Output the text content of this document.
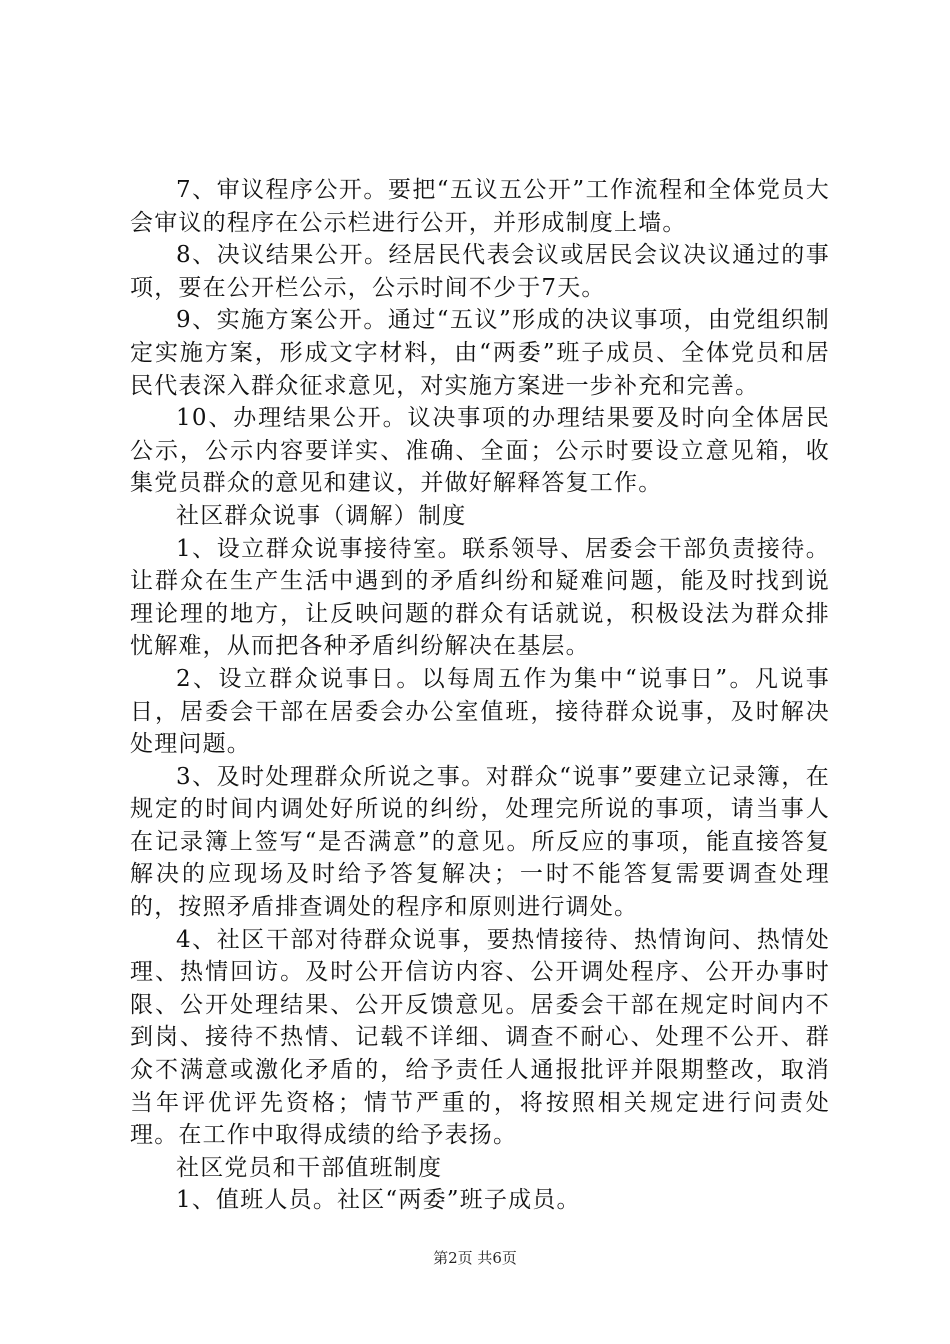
7、审议程序公开。要把“五议五公开”工作流程和全体党员大会审议的程序在公示栏进行公开，并形成制度上墙。

8、决议结果公开。经居民代表会议或居民会议决议通过的事项，要在公开栏公示，公示时间不少于7天。

9、实施方案公开。通过“五议”形成的决议事项，由党组织制定实施方案，形成文字材料，由“两委”班子成员、全体党员和居民代表深入群众征求意见，对实施方案进一步补充和完善。

10、办理结果公开。议决事项的办理结果要及时向全体居民公示，公示内容要详实、准确、全面；公示时要设立意见箱，收集党员群众的意见和建议，并做好解释答复工作。

社区群众说事（调解）制度

1、设立群众说事接待室。联系领导、居委会干部负责接待。让群众在生产生活中遇到的矛盾纠纷和疑难问题，能及时找到说理论理的地方，让反映问题的群众有话就说，积极设法为群众排忧解难，从而把各种矛盾纠纷解决在基层。

2、设立群众说事日。以每周五作为集中“说事日”。凡说事日，居委会干部在居委会办公室值班，接待群众说事，及时解决处理问题。

3、及时处理群众所说之事。对群众“说事”要建立记录簿，在规定的时间内调处好所说的纠纷，处理完所说的事项，请当事人在记录簿上签写“是否满意”的意见。所反应的事项，能直接答复解决的应现场及时给予答复解决；一时不能答复需要调查处理的，按照矛盾排查调处的程序和原则进行调处。

4、社区干部对待群众说事，要热情接待、热情询问、热情处理、热情回访。及时公开信访内容、公开调处程序、公开办事时限、公开处理结果、公开反馈意见。居委会干部在规定时间内不到岗、接待不热情、记载不详细、调查不耐心、处理不公开、群众不满意或激化矛盾的，给予责任人通报批评并限期整改，取消当年评优评先资格；情节严重的，将按照相关规定进行问责处理。在工作中取得成绩的给予表扬。

社区党员和干部值班制度

1、值班人员。社区“两委”班子成员。

第2页 共6页
